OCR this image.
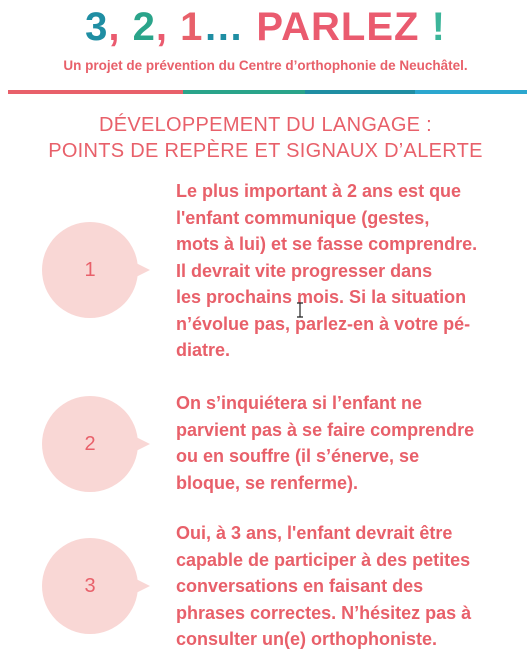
3, 2, 1… PARLEZ !
Un projet de prévention du Centre d’orthophonie de Neuchâtel.
DÉVELOPPEMENT DU LANGAGE :
POINTS DE REPÈRE ET SIGNAUX D’ALERTE
1

Le plus important à 2 ans est que
l'enfant communique (gestes,
mots à lui) et se fasse comprendre.
Il devrait vite progresser dans
les prochains mois. Si la situation
n’évolue pas, parlez-en à votre pé-
diatre.

2

On s’inquiétera si l’enfant ne
parvient pas à se faire comprendre
ou en souffre (il s’énerve, se
bloque, se renferme).

3

Oui, à 3 ans, l'enfant devrait être
capable de participer à des petites
conversations en faisant des
phrases correctes. N’hésitez pas à
consulter un(e) orthophoniste.
